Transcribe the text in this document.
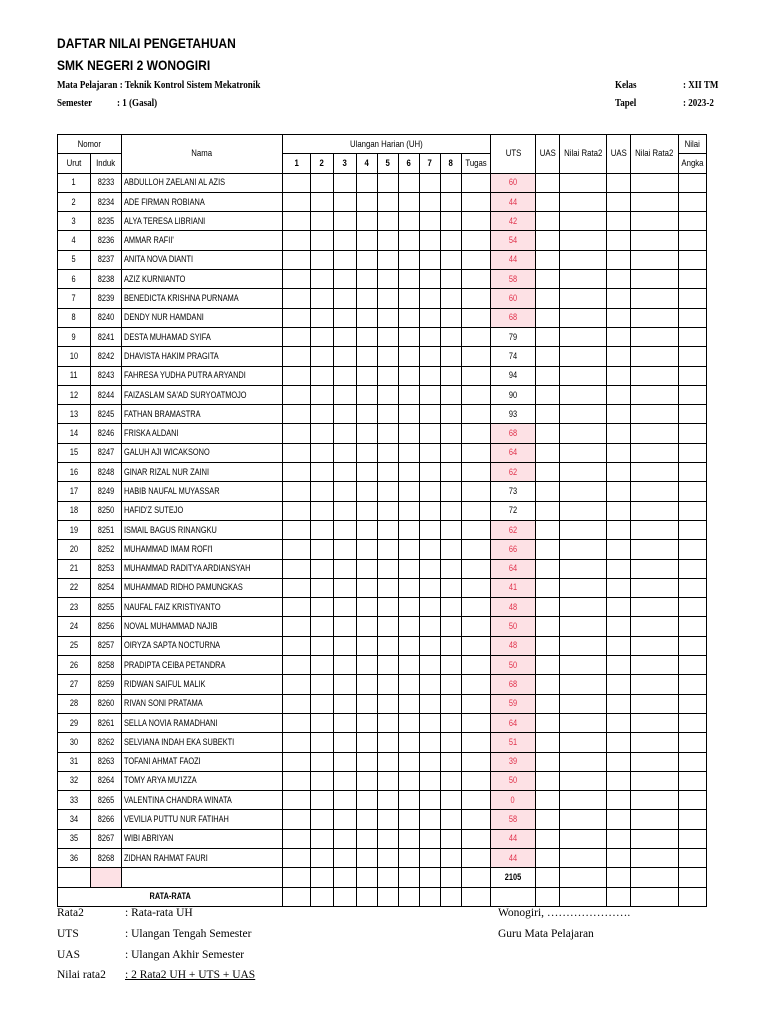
DAFTAR NILAI PENGETAHUAN
SMK NEGERI 2 WONOGIRI
Mata Pelajaran : Teknik Kontrol Sistem Mekatronik
Semester : 1 (Gasal)
Kelas	: XII TM
Tapel	: 2023-2
Nomor		Nama	Ulangan Harian (UH)									UTS	UAS	Nilai Rata2	UAS	Nilai Rata2	Nilai
Urut	Induk		1	2	3	4	5	6	7	8	Tugas						Angka
1	8233	ABDULLOH ZAELANI AL AZIS										60					
2	8234	ADE FIRMAN ROBIANA										44					
3	8235	ALYA TERESA LIBRIANI										42					
4	8236	AMMAR RAFII'										54					
5	8237	ANITA NOVA DIANTI										44					
6	8238	AZIZ KURNIANTO										58					
7	8239	BENEDICTA KRISHNA PURNAMA										60					
8	8240	DENDY NUR HAMDANI										68					
9	8241	DESTA MUHAMAD SYIFA										79					
10	8242	DHAVISTA HAKIM PRAGITA										74					
11	8243	FAHRESA YUDHA PUTRA ARYANDI										94					
12	8244	FAIZASLAM SA'AD SURYOATMOJO										90					
13	8245	FATHAN BRAMASTRA										93					
14	8246	FRISKA ALDANI										68					
15	8247	GALUH AJI WICAKSONO										64					
16	8248	GINAR RIZAL NUR ZAINI										62					
17	8249	HABIB NAUFAL MUYASSAR										73					
18	8250	HAFID'Z SUTEJO										72					
19	8251	ISMAIL BAGUS RINANGKU										62					
20	8252	MUHAMMAD IMAM ROFI'I										66					
21	8253	MUHAMMAD RADITYA ARDIANSYAH										64					
22	8254	MUHAMMAD RIDHO PAMUNGKAS										41					
23	8255	NAUFAL FAIZ KRISTIYANTO										48					
24	8256	NOVAL MUHAMMAD NAJIB										50					
25	8257	OIRYZA SAPTA NOCTURNA										48					
26	8258	PRADIPTA CEIBA PETANDRA										50					
27	8259	RIDWAN SAIFUL MALIK										68					
28	8260	RIVAN SONI PRATAMA										59					
29	8261	SELLA NOVIA RAMADHANI										64					
30	8262	SELVIANA INDAH EKA SUBEKTI										51					
31	8263	TOFANI AHMAT FAOZI										39					
32	8264	TOMY ARYA MU'IZZA										50					
33	8265	VALENTINA CHANDRA WINATA										0					
34	8266	VEVILIA PUTTU NUR FATIHAH										58					
35	8267	WIBI ABRIYAN										44					
36	8268	ZIDHAN RAHMAT FAURI										44					
												2105					
RATA-RATA																	
Rata2	: Rata-rata UH
UTS	: Ulangan Tengah Semester
UAS	: Ulangan Akhir Semester
Nilai rata2 : 2 Rata2 UH + UTS + UAS
Wonogiri, ………………….
Guru Mata Pelajaran
